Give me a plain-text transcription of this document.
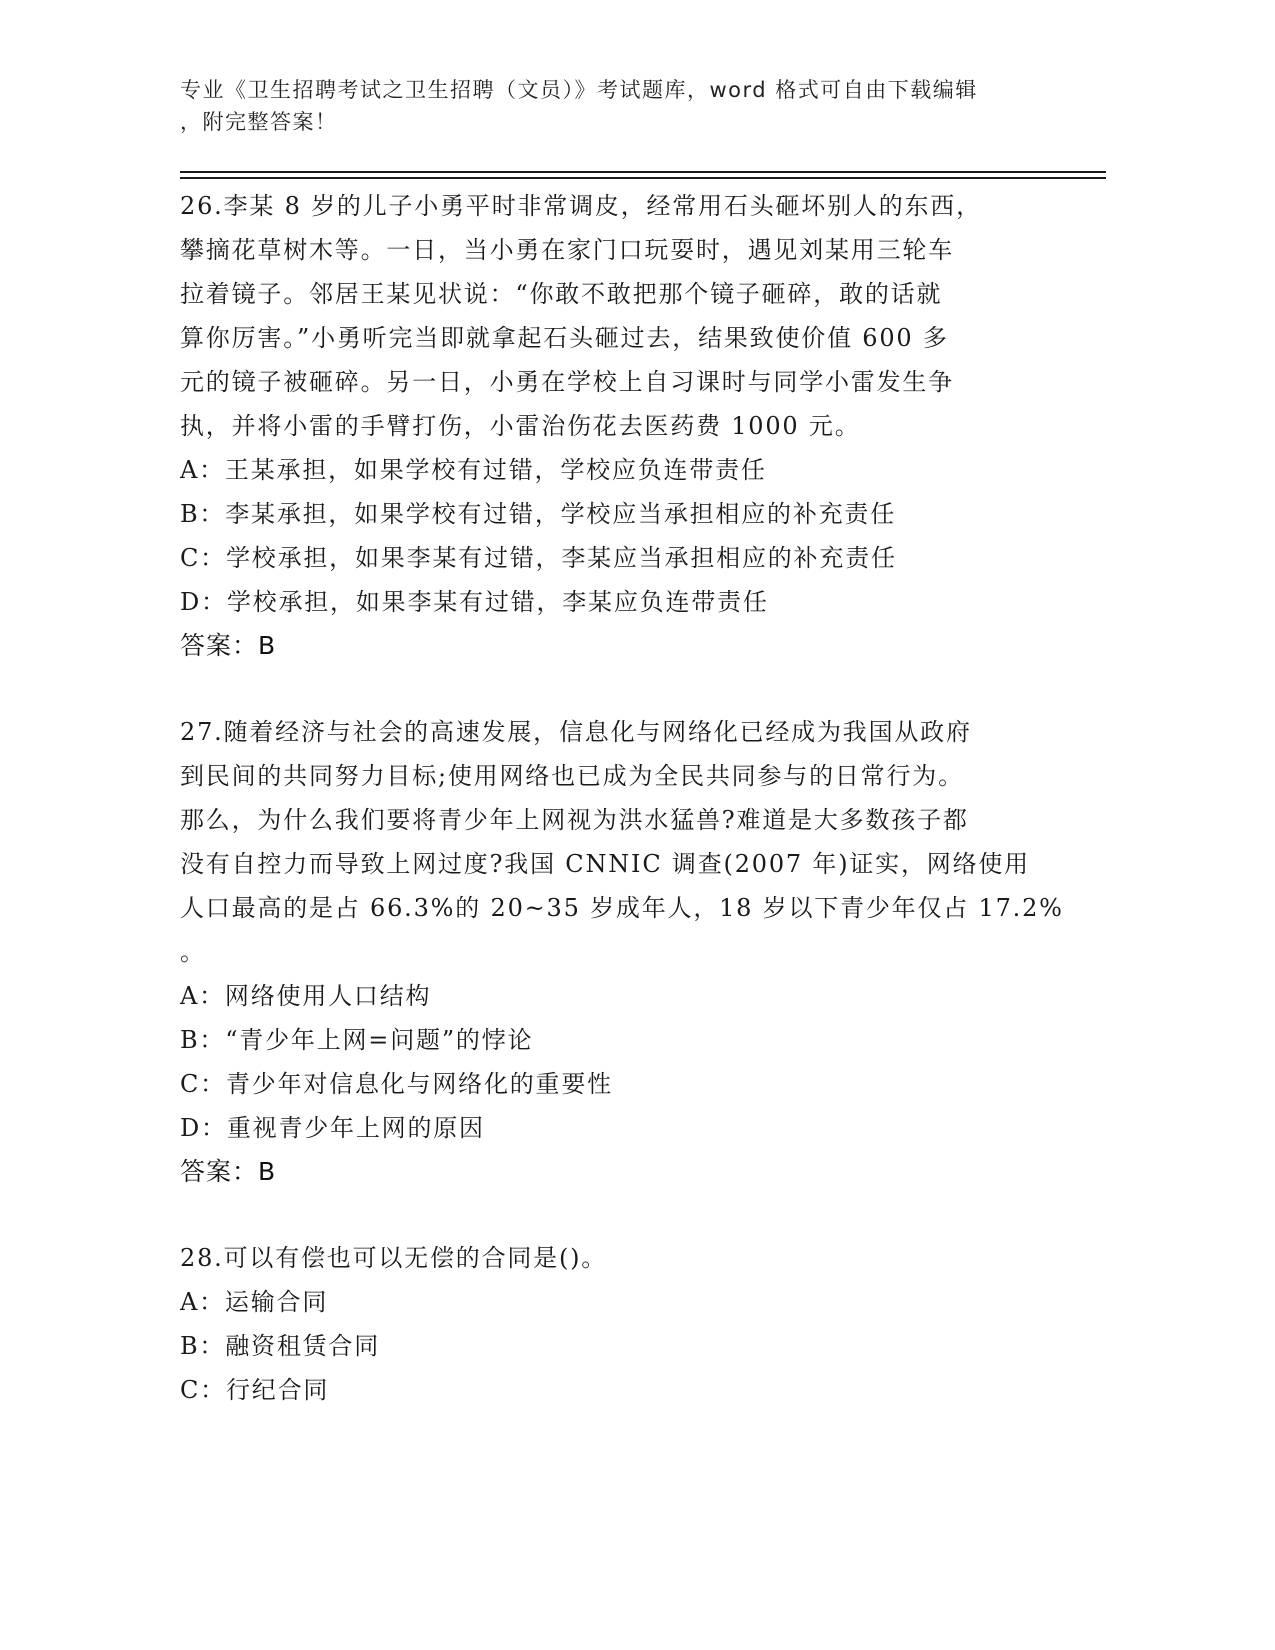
专业《卫生招聘考试之卫生招聘（文员）》考试题库，word 格式可自由下载编辑
，附完整答案！
26.李某 8 岁的儿子小勇平时非常调皮，经常用石头砸坏别人的东西，
攀摘花草树木等。一日，当小勇在家门口玩耍时，遇见刘某用三轮车
拉着镜子。邻居王某见状说：“你敢不敢把那个镜子砸碎，敢的话就
算你厉害。”小勇听完当即就拿起石头砸过去，结果致使价值 600 多
元的镜子被砸碎。另一日，小勇在学校上自习课时与同学小雷发生争
执，并将小雷的手臂打伤，小雷治伤花去医药费 1000 元。
A：王某承担，如果学校有过错，学校应负连带责任
B：李某承担，如果学校有过错，学校应当承担相应的补充责任
C：学校承担，如果李某有过错，李某应当承担相应的补充责任
D：学校承担，如果李某有过错，李某应负连带责任
答案：B
27.随着经济与社会的高速发展，信息化与网络化已经成为我国从政府
到民间的共同努力目标;使用网络也已成为全民共同参与的日常行为。
那么，为什么我们要将青少年上网视为洪水猛兽?难道是大多数孩子都
没有自控力而导致上网过度?我国 CNNIC 调查(2007 年)证实，网络使用
人口最高的是占 66.3%的 20~35 岁成年人，18 岁以下青少年仅占 17.2%
。
A：网络使用人口结构
B：“青少年上网=问题”的悖论
C：青少年对信息化与网络化的重要性
D：重视青少年上网的原因
答案：B
28.可以有偿也可以无偿的合同是()。
A：运输合同
B：融资租赁合同
C：行纪合同
